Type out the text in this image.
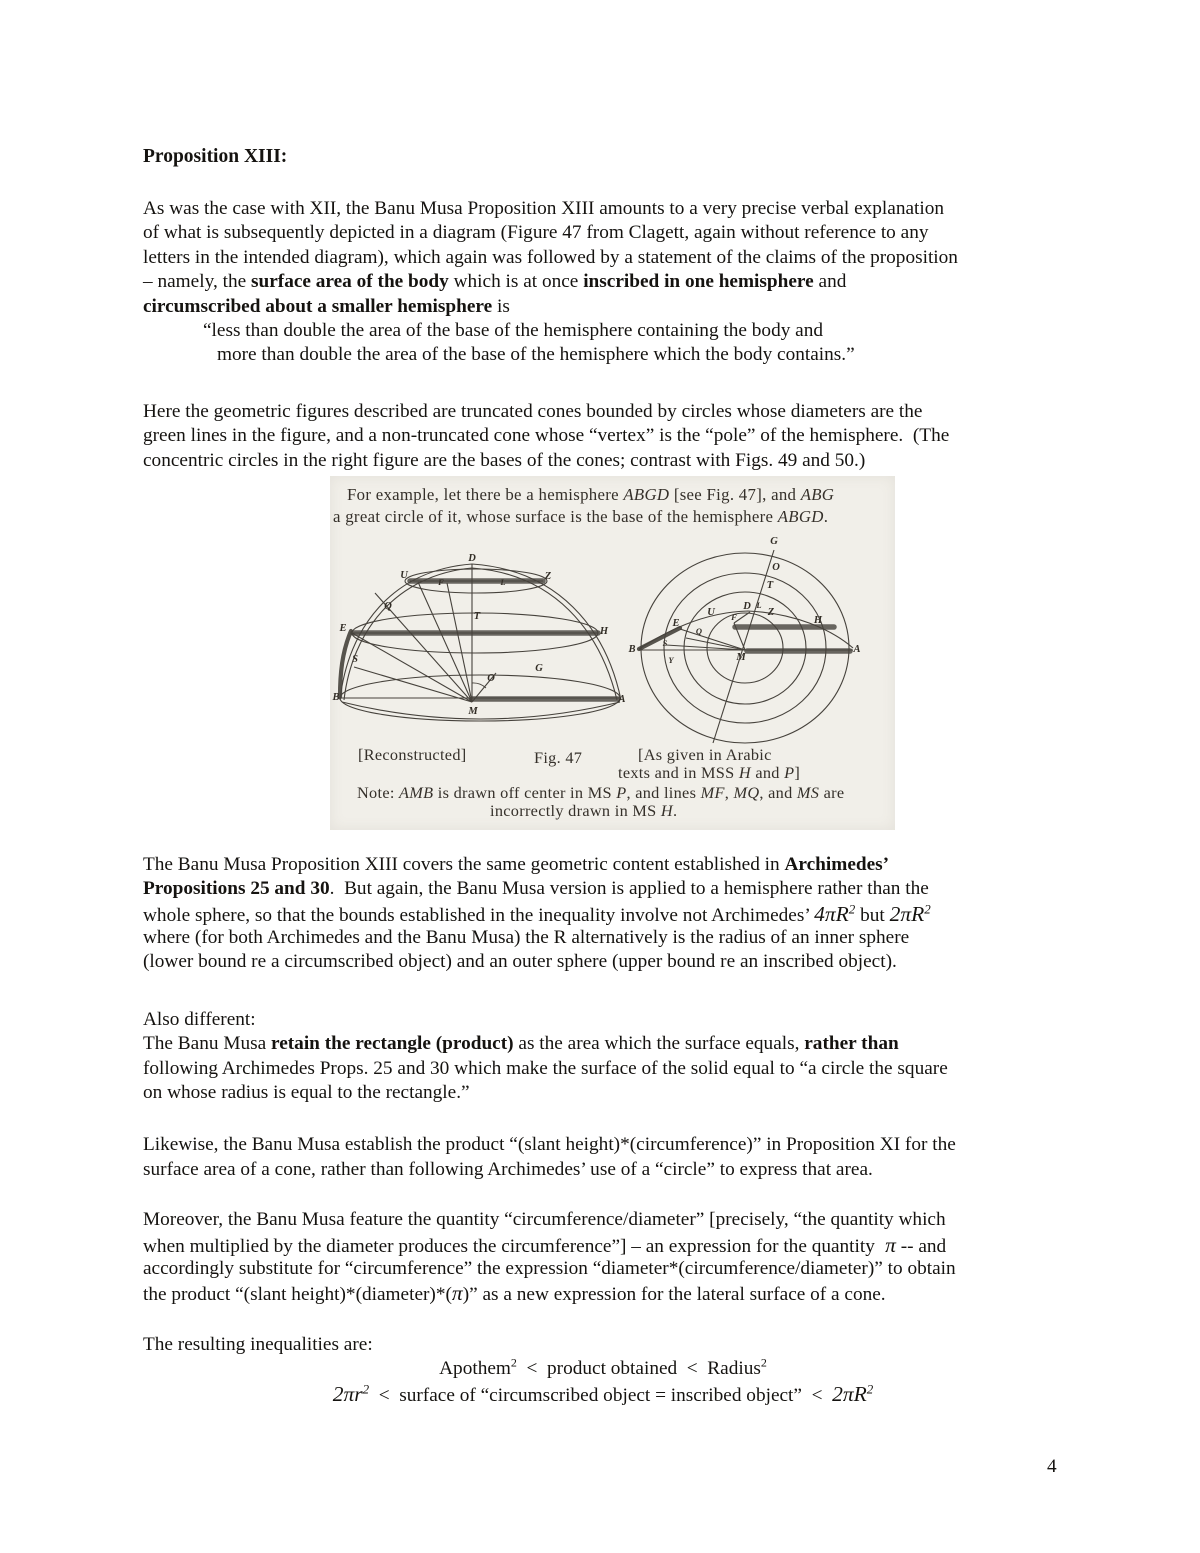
Proposition XIII:
As was the case with XII, the Banu Musa Proposition XIII amounts to a very precise verbal explanation
of what is subsequently depicted in a diagram (Figure 47 from Clagett, again without reference to any
letters in the intended diagram), which again was followed by a statement of the claims of the proposition
– namely, the surface area of the body which is at once inscribed in one hemisphere and
circumscribed about a smaller hemisphere is
“less than double the area of the base of the hemisphere containing the body and
more than double the area of the base of the hemisphere which the body contains.”
Here the geometric figures described are truncated cones bounded by circles whose diameters are the
green lines in the figure, and a non-truncated cone whose “vertex” is the “pole” of the hemisphere.  (The
concentric circles in the right figure are the bases of the cones; contrast with Figs. 49 and 50.)
For example, let there be a hemisphere ABGD [see Fig. 47], and ABG
a great circle of it, whose surface is the base of the hemisphere ABGD.
D
U	Z
F	L
Q
T
E	H
S
G
O
B
M
A
G
O
T
U
D L
Z
E
Q
F	H
B
S
Y	M
A
[Reconstructed]	Fig. 47	[As given in Arabic
texts and in MSS H and P]
Note: AMB is drawn off center in MS P, and lines MF, MQ, and MS are
incorrectly drawn in MS H.
The Banu Musa Proposition XIII covers the same geometric content established in Archimedes’
Propositions 25 and 30.  But again, the Banu Musa version is applied to a hemisphere rather than the
whole sphere, so that the bounds established in the inequality involve not Archimedes’ $4\pi R^2$ but $2\pi R^2$
where (for both Archimedes and the Banu Musa) the R alternatively is the radius of an inner sphere
(lower bound re a circumscribed object) and an outer sphere (upper bound re an inscribed object).
Also different:
The Banu Musa retain the rectangle (product) as the area which the surface equals, rather than
following Archimedes Props. 25 and 30 which make the surface of the solid equal to “a circle the square
on whose radius is equal to the rectangle.”
Likewise, the Banu Musa establish the product “(slant height)*(circumference)” in Proposition XI for the
surface area of a cone, rather than following Archimedes’ use of a “circle” to express that area.
Moreover, the Banu Musa feature the quantity “circumference/diameter” [precisely, “the quantity which
when multiplied by the diameter produces the circumference”] – an expression for the quantity  π -- and
accordingly substitute for “circumference” the expression “diameter*(circumference/diameter)” to obtain
the product “(slant height)*(diameter)*(π)” as a new expression for the lateral surface of a cone.
The resulting inequalities are:
Apothem$^2$  <  product obtained  <  Radius$^2$
$2\pi r^2$  <  surface of “circumscribed object = inscribed object”  <  $2\pi R^2$
4
